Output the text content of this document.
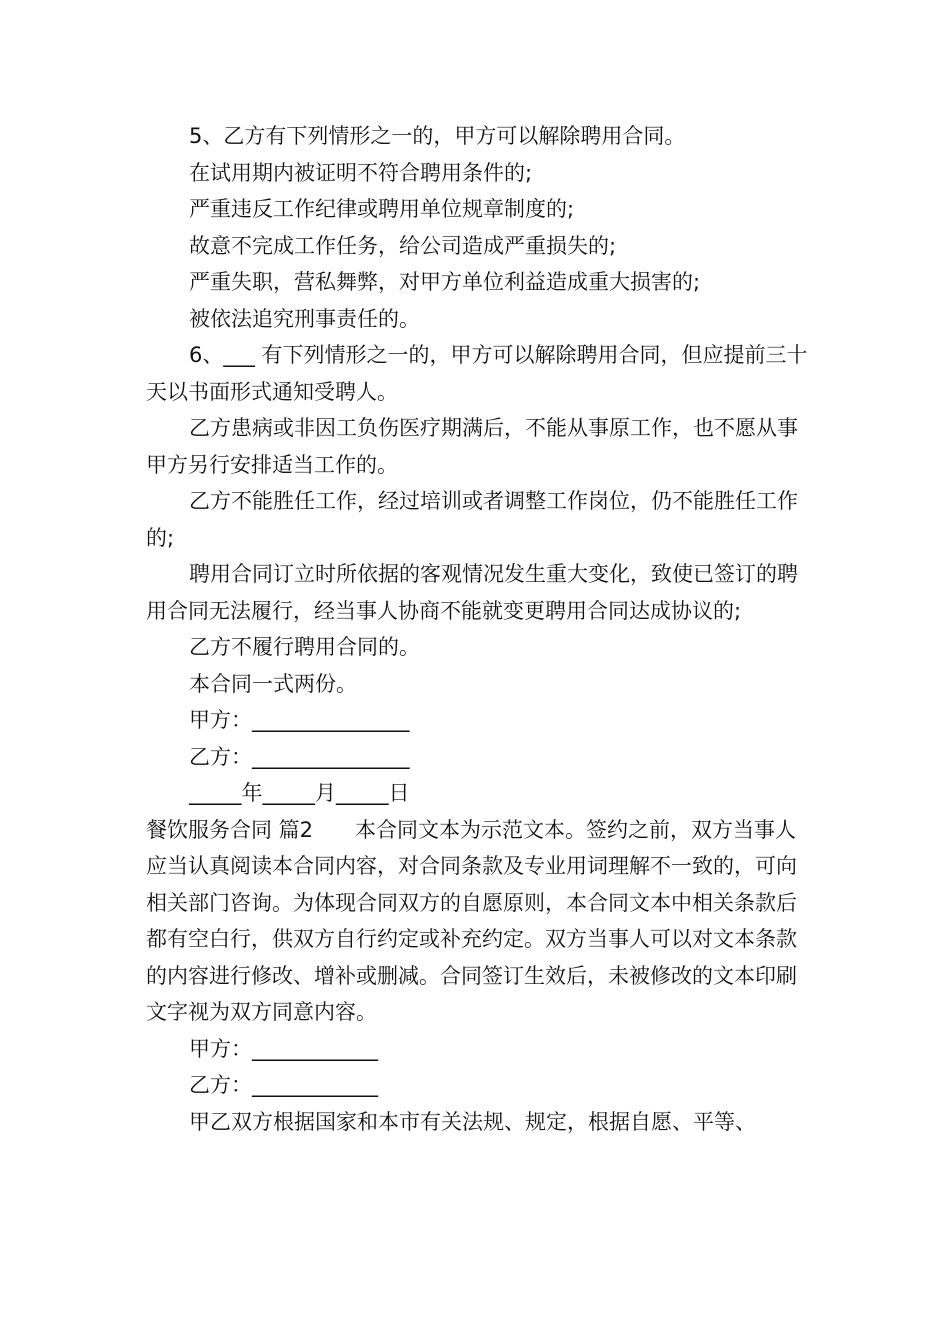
5、乙方有下列情形之一的，甲方可以解除聘用合同。

在试用期内被证明不符合聘用条件的;

严重违反工作纪律或聘用单位规章制度的;

故意不完成工作任务，给公司造成严重损失的;

严重失职，营私舞弊，对甲方单位利益造成重大损害的;

被依法追究刑事责任的。

6、___ 有下列情形之一的，甲方可以解除聘用合同，但应提前三十天以书面形式通知受聘人。

乙方患病或非因工负伤医疗期满后，不能从事原工作，也不愿从事甲方另行安排适当工作的。

乙方不能胜任工作，经过培训或者调整工作岗位，仍不能胜任工作的;

聘用合同订立时所依据的客观情况发生重大变化，致使已签订的聘用合同无法履行，经当事人协商不能就变更聘用合同达成协议的;

乙方不履行聘用合同的。

本合同一式两份。

甲方：_______________

乙方：_______________

_____年_____月_____日

餐饮服务合同 篇2　　本合同文本为示范文本。签约之前，双方当事人应当认真阅读本合同内容，对合同条款及专业用词理解不一致的，可向相关部门咨询。为体现合同双方的自愿原则，本合同文本中相关条款后都有空白行，供双方自行约定或补充约定。双方当事人可以对文本条款的内容进行修改、增补或删减。合同签订生效后，未被修改的文本印刷文字视为双方同意内容。

甲方：____________

乙方：____________

甲乙双方根据国家和本市有关法规、规定，根据自愿、平等、
